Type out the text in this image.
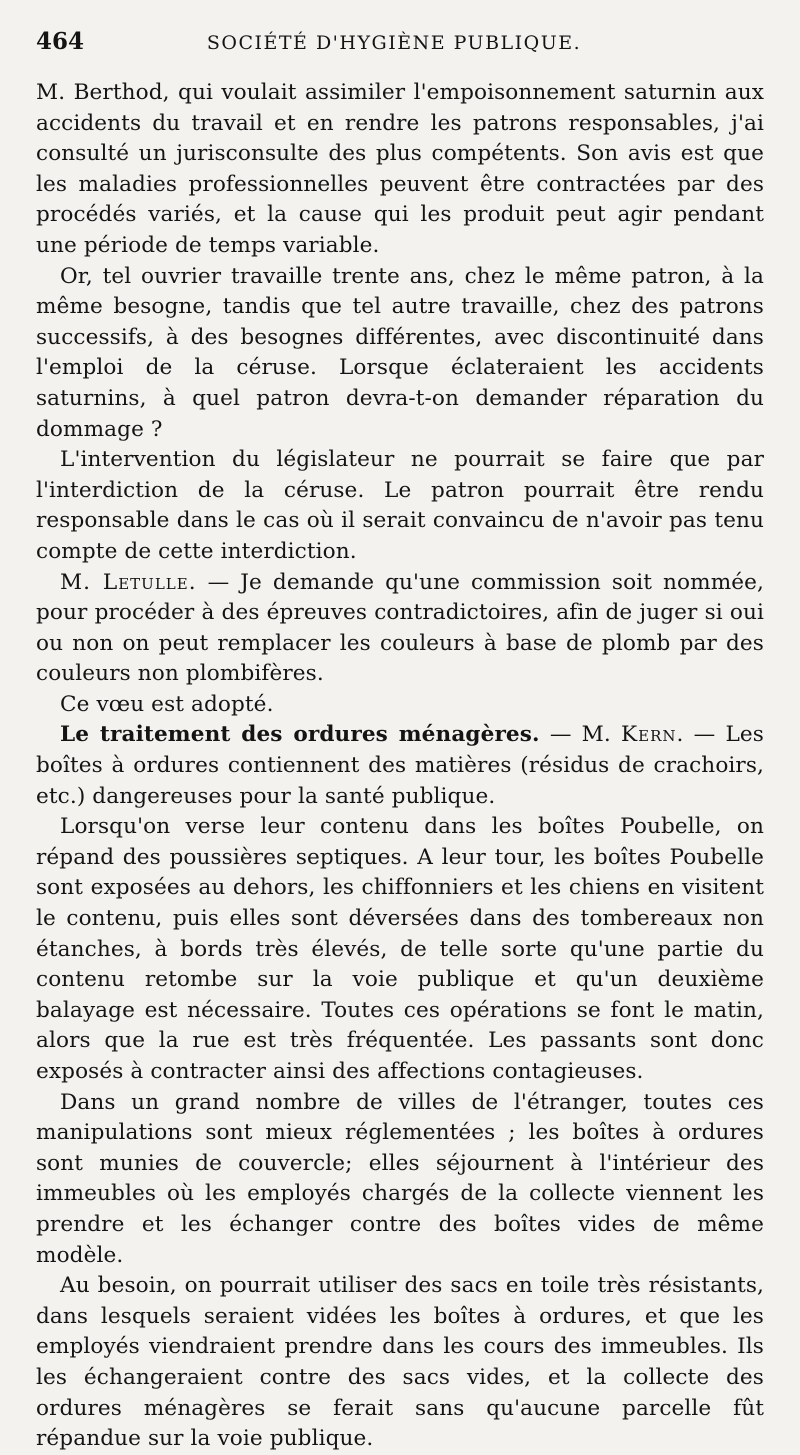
464	SOCIÉTÉ D'HYGIÈNE PUBLIQUE.

M. Berthod, qui voulait assimiler l'empoisonnement saturnin aux accidents du travail et en rendre les patrons responsables, j'ai consulté un jurisconsulte des plus compétents. Son avis est que les maladies professionnelles peuvent être contractées par des procédés variés, et la cause qui les produit peut agir pendant une période de temps variable.

Or, tel ouvrier travaille trente ans, chez le même patron, à la même besogne, tandis que tel autre travaille, chez des patrons successifs, à des besognes différentes, avec discontinuité dans l'emploi de la céruse. Lorsque éclateraient les accidents saturnins, à quel patron devra-t-on demander réparation du dommage ?

L'intervention du législateur ne pourrait se faire que par l'interdiction de la céruse. Le patron pourrait être rendu responsable dans le cas où il serait convaincu de n'avoir pas tenu compte de cette interdiction.

M. Letulle. — Je demande qu'une commission soit nommée, pour procéder à des épreuves contradictoires, afin de juger si oui ou non on peut remplacer les couleurs à base de plomb par des couleurs non plombifères.

Ce vœu est adopté.

Le traitement des ordures ménagères. — M. Kern. — Les boîtes à ordures contiennent des matières (résidus de crachoirs, etc.) dangereuses pour la santé publique.

Lorsqu'on verse leur contenu dans les boîtes Poubelle, on répand des poussières septiques. A leur tour, les boîtes Poubelle sont exposées au dehors, les chiffonniers et les chiens en visitent le contenu, puis elles sont déversées dans des tombereaux non étanches, à bords très élevés, de telle sorte qu'une partie du contenu retombe sur la voie publique et qu'un deuxième balayage est nécessaire. Toutes ces opérations se font le matin, alors que la rue est très fréquentée. Les passants sont donc exposés à contracter ainsi des affections contagieuses.

Dans un grand nombre de villes de l'étranger, toutes ces manipulations sont mieux réglementées ; les boîtes à ordures sont munies de couvercle; elles séjournent à l'intérieur des immeubles où les employés chargés de la collecte viennent les prendre et les échanger contre des boîtes vides de même modèle.

Au besoin, on pourrait utiliser des sacs en toile très résistants, dans lesquels seraient vidées les boîtes à ordures, et que les employés viendraient prendre dans les cours des immeubles. Ils les échangeraient contre des sacs vides, et la collecte des ordures ménagères se ferait sans qu'aucune parcelle fût répandue sur la voie publique.
